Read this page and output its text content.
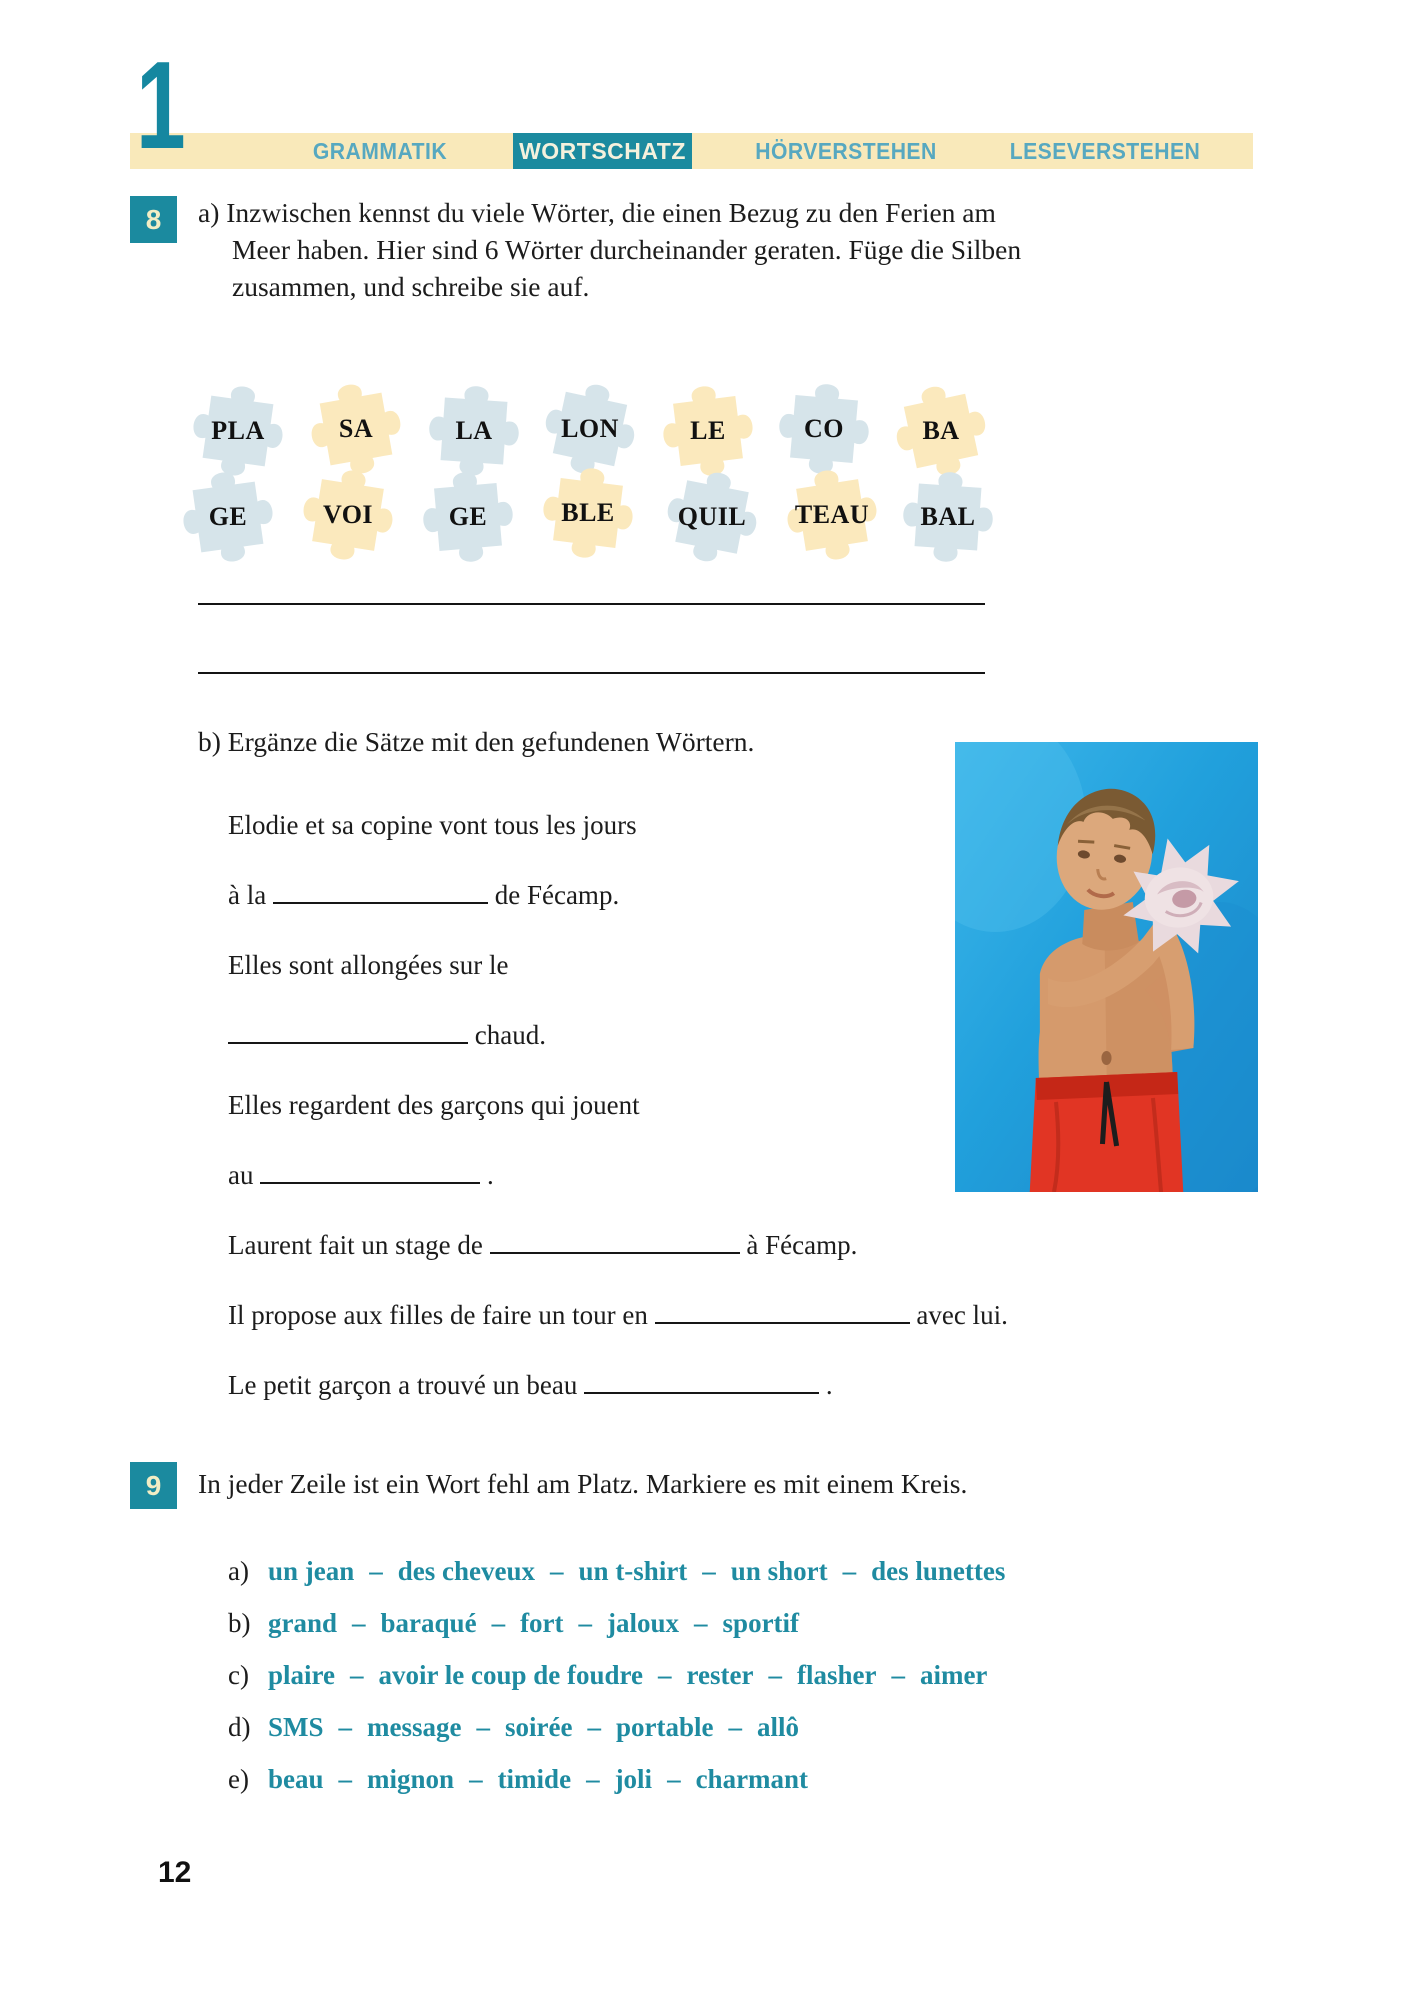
GRAMMATIK	WORTSCHATZ	HÖRVERSTEHEN	LESEVERSTEHEN
1
8	a) Inzwischen kennst du viele Wörter, die einen Bezug zu den Ferien am Meer haben. Hier sind 6 Wörter durcheinander geraten. Füge die Silben zusammen, und schreibe sie auf.

PLA	SA	LA	LON	LE	CO	BA
GE	VOI	GE	BLE QUIL TEAU BAL

b) Ergänze die Sätze mit den gefundenen Wörtern.

Elodie et sa copine vont tous les jours
à la	de Fécamp.
Elles sont allongées sur le
chaud.
Elles regardent des garçons qui jouent
au	.
Laurent fait un stage de	à Fécamp.
Il propose aux filles de faire un tour en	avec lui.
Le petit garçon a trouvé un beau	.
9	In jeder Zeile ist ein Wort fehl am Platz. Markiere es mit einem Kreis.

a) un jean – des cheveux – un t-shirt – un short – des lunettes
b) grand – baraqué – fort – jaloux – sportif
c) plaire – avoir le coup de foudre – rester – flasher – aimer
d) SMS – message – soirée – portable – allô
e) beau – mignon – timide – joli – charmant
12
